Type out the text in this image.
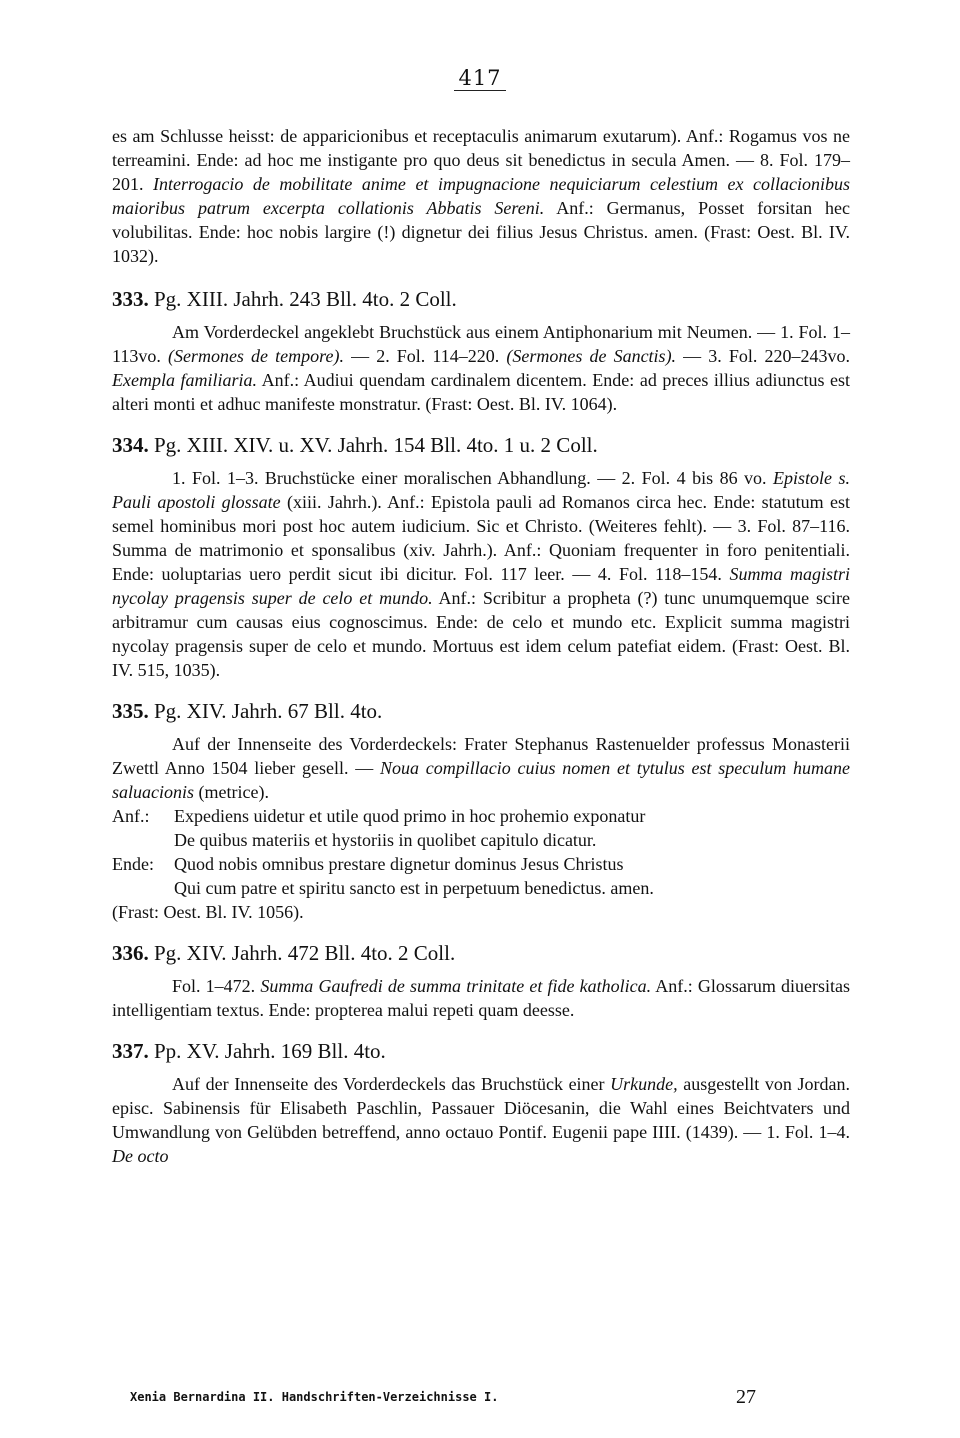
417

es am Schlusse heisst: de apparicionibus et receptaculis animarum exutarum). Anf.: Rogamus vos ne terreamini. Ende: ad hoc me instigante pro quo deus sit benedictus in secula Amen. — 8. Fol. 179–201. Interrogacio de mobilitate anime et impugnacione nequiciarum celestium ex collacionibus maioribus patrum excerpta collationis Abbatis Sereni. Anf.: Germanus, Posset forsitan hec volubilitas. Ende: hoc nobis largire (!) dignetur dei filius Jesus Christus. amen. (Frast: Oest. Bl. IV. 1032).

333. Pg. XIII. Jahrh. 243 Bll. 4to. 2 Coll.

Am Vorderdeckel angeklebt Bruchstück aus einem Antiphonarium mit Neumen. — 1. Fol. 1–113vo. (Sermones de tempore). — 2. Fol. 114–220. (Sermones de Sanctis). — 3. Fol. 220–243vo. Exempla familiaria. Anf.: Audiui quendam cardinalem dicentem. Ende: ad preces illius adiunctus est alteri monti et adhuc manifeste monstratur. (Frast: Oest. Bl. IV. 1064).

334. Pg. XIII. XIV. u. XV. Jahrh. 154 Bll. 4to. 1 u. 2 Coll.

1. Fol. 1–3. Bruchstücke einer moralischen Abhandlung. — 2. Fol. 4 bis 86 vo. Epistole s. Pauli apostoli glossate (xiii. Jahrh.). Anf.: Epistola pauli ad Romanos circa hec. Ende: statutum est semel hominibus mori post hoc autem iudicium. Sic et Christo. (Weiteres fehlt). — 3. Fol. 87–116. Summa de matrimonio et sponsalibus (xiv. Jahrh.). Anf.: Quoniam frequenter in foro penitentiali. Ende: uoluptarias uero perdit sicut ibi dicitur. Fol. 117 leer. — 4. Fol. 118–154. Summa magistri nycolay pragensis super de celo et mundo. Anf.: Scribitur a propheta (?) tunc unumquemque scire arbitramur cum causas eius cognoscimus. Ende: de celo et mundo etc. Explicit summa magistri nycolay pragensis super de celo et mundo. Mortuus est idem celum patefiat eidem. (Frast: Oest. Bl. IV. 515, 1035).

335. Pg. XIV. Jahrh. 67 Bll. 4to.

Auf der Innenseite des Vorderdeckels: Frater Stephanus Rastenuelder professus Monasterii Zwettl Anno 1504 lieber gesell. — Noua compillacio cuius nomen et tytulus est speculum humane saluacionis (metrice).

Anf.: Expediens uidetur et utile quod primo in hoc prohemio exponatur

De quibus materiis et hystoriis in quolibet capitulo dicatur.

Ende: Quod nobis omnibus prestare dignetur dominus Jesus Christus

Qui cum patre et spiritu sancto est in perpetuum benedictus. amen.

(Frast: Oest. Bl. IV. 1056).

336. Pg. XIV. Jahrh. 472 Bll. 4to. 2 Coll.

Fol. 1–472. Summa Gaufredi de summa trinitate et fide katholica. Anf.: Glossarum diuersitas intelligentiam textus. Ende: propterea malui repeti quam deesse.

337. Pp. XV. Jahrh. 169 Bll. 4to.

Auf der Innenseite des Vorderdeckels das Bruchstück einer Urkunde, ausgestellt von Jordan. episc. Sabinensis für Elisabeth Paschlin, Passauer Diöcesanin, die Wahl eines Beichtvaters und Umwandlung von Gelübden betreffend, anno octauo Pontif. Eugenii pape IIII. (1439). — 1. Fol. 1–4. De octo

Xenia Bernardina II. Handschriften-Verzeichnisse I.	27
